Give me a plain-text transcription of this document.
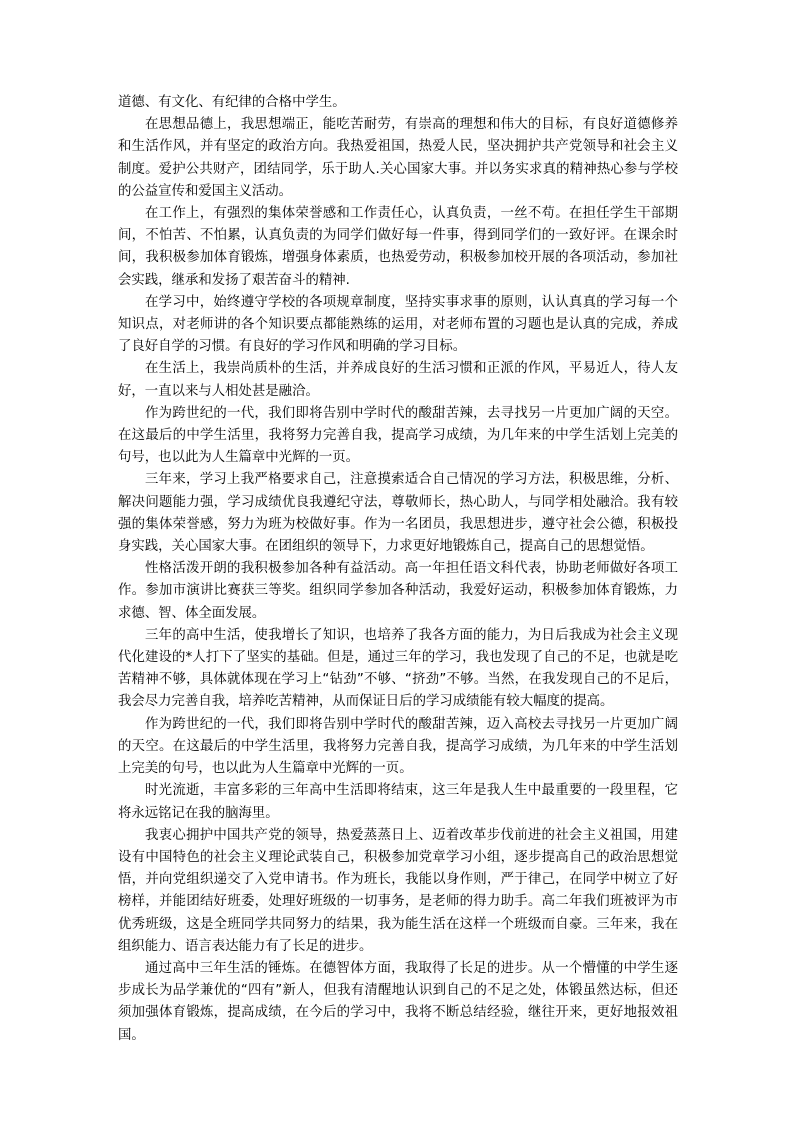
道德、有文化、有纪律的合格中学生。

在思想品德上，我思想端正，能吃苦耐劳，有崇高的理想和伟大的目标，有良好道德修养和生活作风，并有坚定的政治方向。我热爱祖国，热爱人民，坚决拥护共产党领导和社会主义制度。爱护公共财产，团结同学，乐于助人.关心国家大事。并以务实求真的精神热心参与学校的公益宣传和爱国主义活动。

在工作上，有强烈的集体荣誉感和工作责任心，认真负责，一丝不苟。在担任学生干部期间，不怕苦、不怕累，认真负责的为同学们做好每一件事，得到同学们的一致好评。在课余时间，我积极参加体育锻炼，增强身体素质，也热爱劳动，积极参加校开展的各项活动，参加社会实践，继承和发扬了艰苦奋斗的精神.

在学习中，始终遵守学校的各项规章制度，坚持实事求事的原则，认认真真的学习每一个知识点，对老师讲的各个知识要点都能熟练的运用，对老师布置的习题也是认真的完成，养成了良好自学的习惯。有良好的学习作风和明确的学习目标。

在生活上，我崇尚质朴的生活，并养成良好的生活习惯和正派的作风，平易近人，待人友好，一直以来与人相处甚是融洽。

作为跨世纪的一代，我们即将告别中学时代的酸甜苦辣，去寻找另一片更加广阔的天空。在这最后的中学生活里，我将努力完善自我，提高学习成绩，为几年来的中学生活划上完美的句号，也以此为人生篇章中光辉的一页。

三年来，学习上我严格要求自己，注意摸索适合自己情况的学习方法，积极思维，分析、解决问题能力强，学习成绩优良我遵纪守法，尊敬师长，热心助人，与同学相处融洽。我有较强的集体荣誉感，努力为班为校做好事。作为一名团员，我思想进步，遵守社会公德，积极投身实践，关心国家大事。在团组织的领导下，力求更好地锻炼自己，提高自己的思想觉悟。

性格活泼开朗的我积极参加各种有益活动。高一年担任语文科代表，协助老师做好各项工作。参加市演讲比赛获三等奖。组织同学参加各种活动，我爱好运动，积极参加体育锻炼，力求德、智、体全面发展。

三年的高中生活，使我增长了知识，也培养了我各方面的能力，为日后我成为社会主义现代化建设的*人打下了坚实的基础。但是，通过三年的学习，我也发现了自己的不足，也就是吃苦精神不够，具体就体现在学习上“钻劲”不够、“挤劲”不够。当然，在我发现自己的不足后，我会尽力完善自我，培养吃苦精神，从而保证日后的学习成绩能有较大幅度的提高。

作为跨世纪的一代，我们即将告别中学时代的酸甜苦辣，迈入高校去寻找另一片更加广阔的天空。在这最后的中学生活里，我将努力完善自我，提高学习成绩，为几年来的中学生活划上完美的句号，也以此为人生篇章中光辉的一页。

时光流逝，丰富多彩的三年高中生活即将结束，这三年是我人生中最重要的一段里程，它将永远铭记在我的脑海里。

我衷心拥护中国共产党的领导，热爱蒸蒸日上、迈着改革步伐前进的社会主义祖国，用建设有中国特色的社会主义理论武装自己，积极参加党章学习小组，逐步提高自己的政治思想觉悟，并向党组织递交了入党申请书。作为班长，我能以身作则，严于律己，在同学中树立了好榜样，并能团结好班委，处理好班级的一切事务，是老师的得力助手。高二年我们班被评为市优秀班级，这是全班同学共同努力的结果，我为能生活在这样一个班级而自豪。三年来，我在组织能力、语言表达能力有了长足的进步。

通过高中三年生活的锤炼。在德智体方面，我取得了长足的进步。从一个懵懂的中学生逐步成长为品学兼优的“四有”新人，但我有清醒地认识到自己的不足之处，体锻虽然达标，但还须加强体育锻炼，提高成绩，在今后的学习中，我将不断总结经验，继往开来，更好地报效祖国。
